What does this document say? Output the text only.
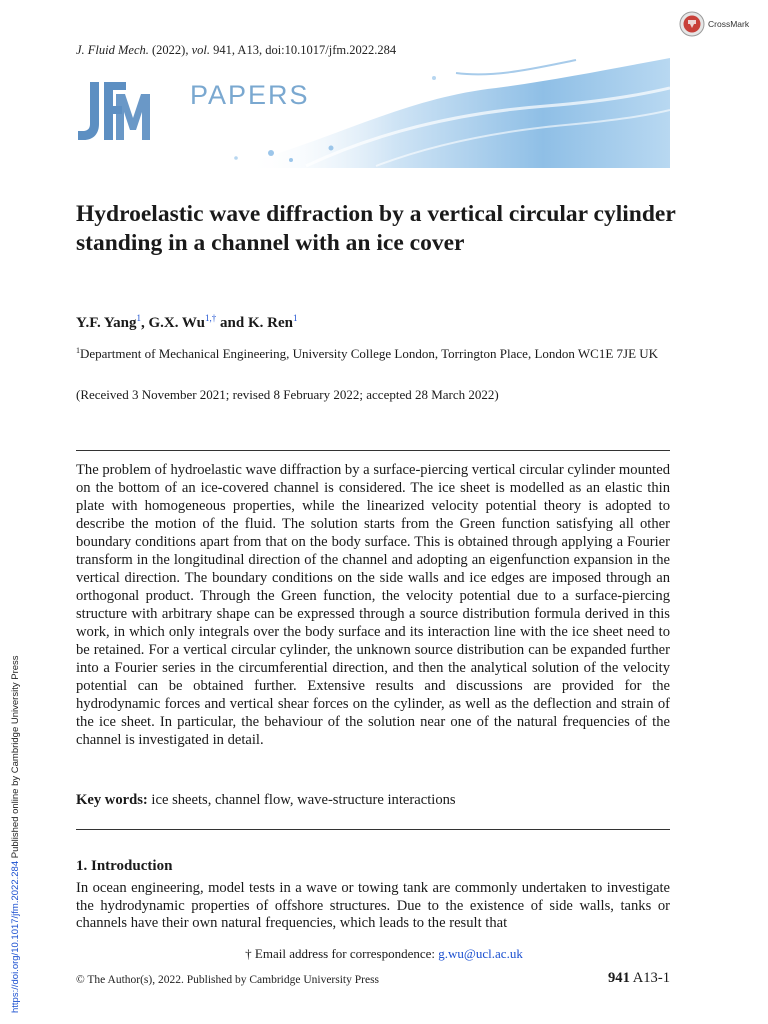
J. Fluid Mech. (2022), vol. 941, A13, doi:10.1017/jfm.2022.284
CrossMark
JFM	PAPERS
Hydroelastic wave diffraction by a vertical circular cylinder standing in a channel with an ice cover
Y.F. Yang$^1$, G.X. $Wu^{1,\dagger}$ and K. Ren$^1$
$^1$Department of Mechanical Engineering, University College London, Torrington Place, London WC1E 7JE UK
(Received 3 November 2021; revised 8 February 2022; accepted 28 March 2022)

The problem of hydroelastic wave diffraction by a surface-piercing vertical circular cylinder mounted on the bottom of an ice-covered channel is considered. The ice sheet is modelled as an elastic thin plate with homogeneous properties, while the linearized velocity potential theory is adopted to describe the motion of the fluid. The solution starts from the Green function satisfying all other boundary conditions apart from that on the body surface. This is obtained through applying a Fourier transform in the longitudinal direction of the channel and adopting an eigenfunction expansion in the vertical direction. The boundary conditions on the side walls and ice edges are imposed through an orthogonal product. Through the Green function, the velocity potential due to a surface-piercing structure with arbitrary shape can be expressed through a source distribution formula derived in this work, in which only integrals over the body surface and its interaction line with the ice sheet need to be retained. For a vertical circular cylinder, the unknown source distribution can be expanded further into a Fourier series in the circumferential direction, and then the analytical solution of the velocity potential can be obtained further. Extensive results and discussions are provided for the hydrodynamic forces and vertical shear forces on the cylinder, as well as the deflection and strain of the ice sheet. In particular, the behaviour of the solution near one of the natural frequencies of the channel is investigated in detail.

Key words: ice sheets, channel flow, wave-structure interactions
1. Introduction

In ocean engineering, model tests in a wave or towing tank are commonly undertaken to investigate the hydrodynamic properties of offshore structures. Due to the existence of side walls, tanks or channels have their own natural frequencies, which leads to the result that

† Email address for correspondence: g.wu@ucl.ac.uk
© The Author(s), 2022. Published by Cambridge University Press	941 A13-1
https://doi.org/10.1017/jfm.2022.284 Published online by Cambridge University Press
